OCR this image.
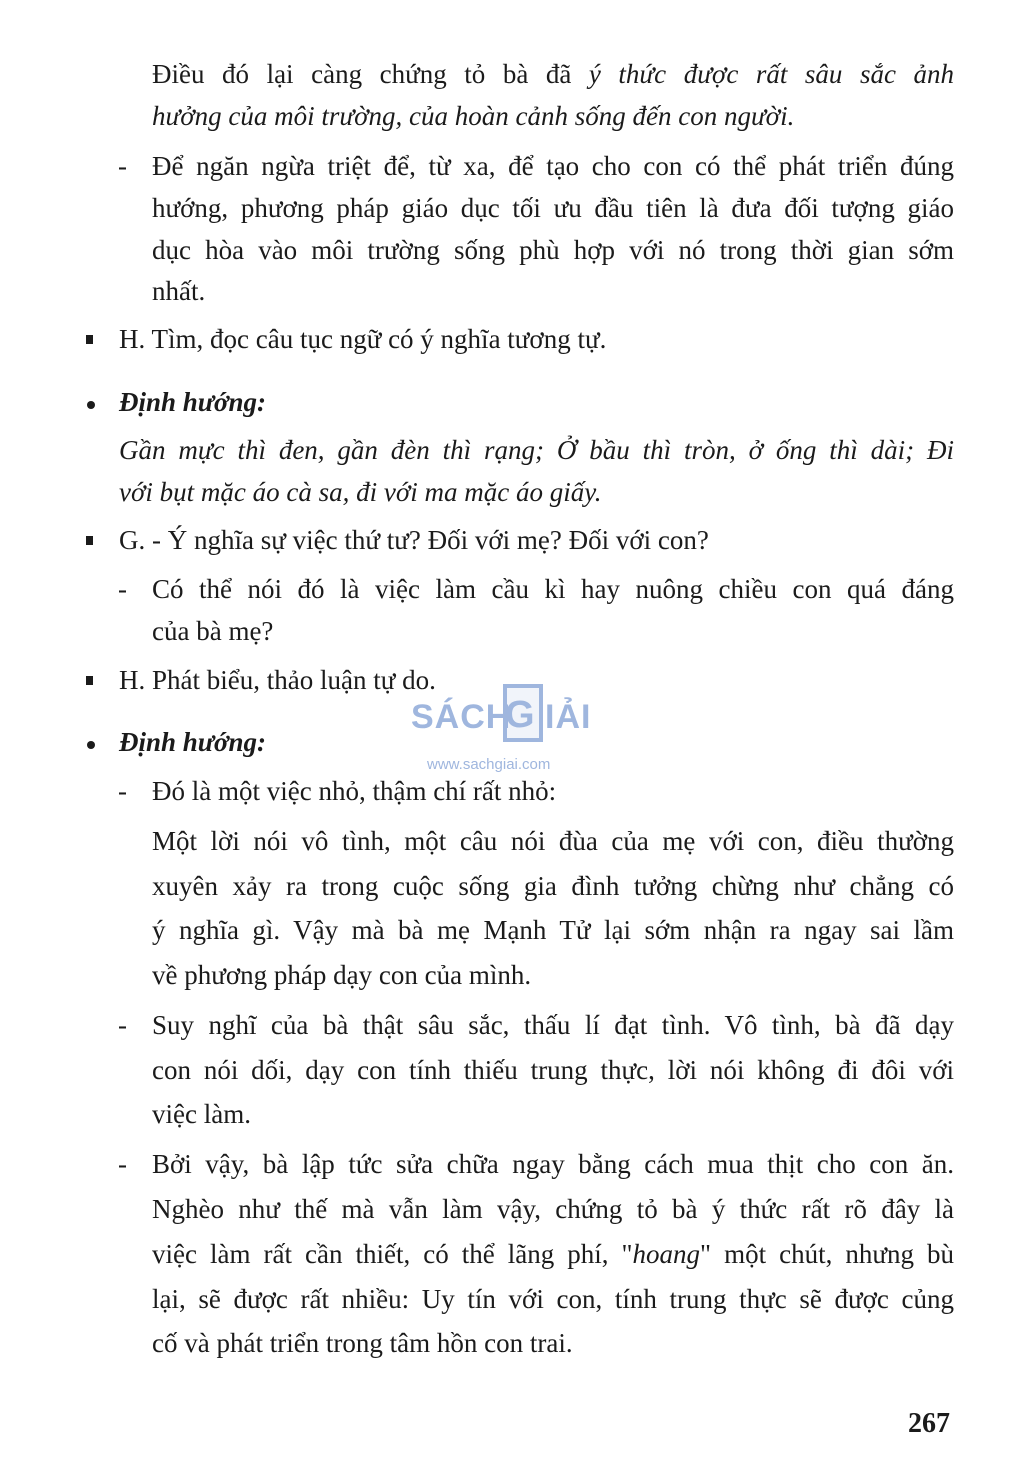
Điều đó lại càng chứng tỏ bà đã ý thức được rất sâu sắc ảnh
hưởng của môi trường, của hoàn cảnh sống đến con người.
- Để ngăn ngừa triệt để, từ xa, để tạo cho con có thể phát triển đúng
hướng, phương pháp giáo dục tối ưu đầu tiên là đưa đối tượng giáo
dục hòa vào môi trường sống phù hợp với nó trong thời gian sớm
nhất.
H. Tìm, đọc câu tục ngữ có ý nghĩa tương tự.
Định hướng:
Gần mực thì đen, gần đèn thì rạng; Ở bầu thì tròn, ở ống thì dài; Đi
với bụt mặc áo cà sa, đi với ma mặc áo giấy.
G. - Ý nghĩa sự việc thứ tư? Đối với mẹ? Đối với con?
- Có thể nói đó là việc làm cầu kì hay nuông chiều con quá đáng
của bà mẹ?
H. Phát biểu, thảo luận tự do.
SÁCH
G IẢI
www.sachgiai.com
Định hướng:
- Đó là một việc nhỏ, thậm chí rất nhỏ:
Một lời nói vô tình, một câu nói đùa của mẹ với con, điều thường
xuyên xảy ra trong cuộc sống gia đình tưởng chừng như chẳng có
ý nghĩa gì. Vậy mà bà mẹ Mạnh Tử lại sớm nhận ra ngay sai lầm
về phương pháp dạy con của mình.
- Suy nghĩ của bà thật sâu sắc, thấu lí đạt tình. Vô tình, bà đã dạy
con nói dối, dạy con tính thiếu trung thực, lời nói không đi đôi với
việc làm.
- Bởi vậy, bà lập tức sửa chữa ngay bằng cách mua thịt cho con ăn.
Nghèo như thế mà vẫn làm vậy, chứng tỏ bà ý thức rất rõ đây là
việc làm rất cần thiết, có thể lãng phí, "hoang" một chút, nhưng bù
lại, sẽ được rất nhiều: Uy tín với con, tính trung thực sẽ được củng
cố và phát triển trong tâm hồn con trai.
267
